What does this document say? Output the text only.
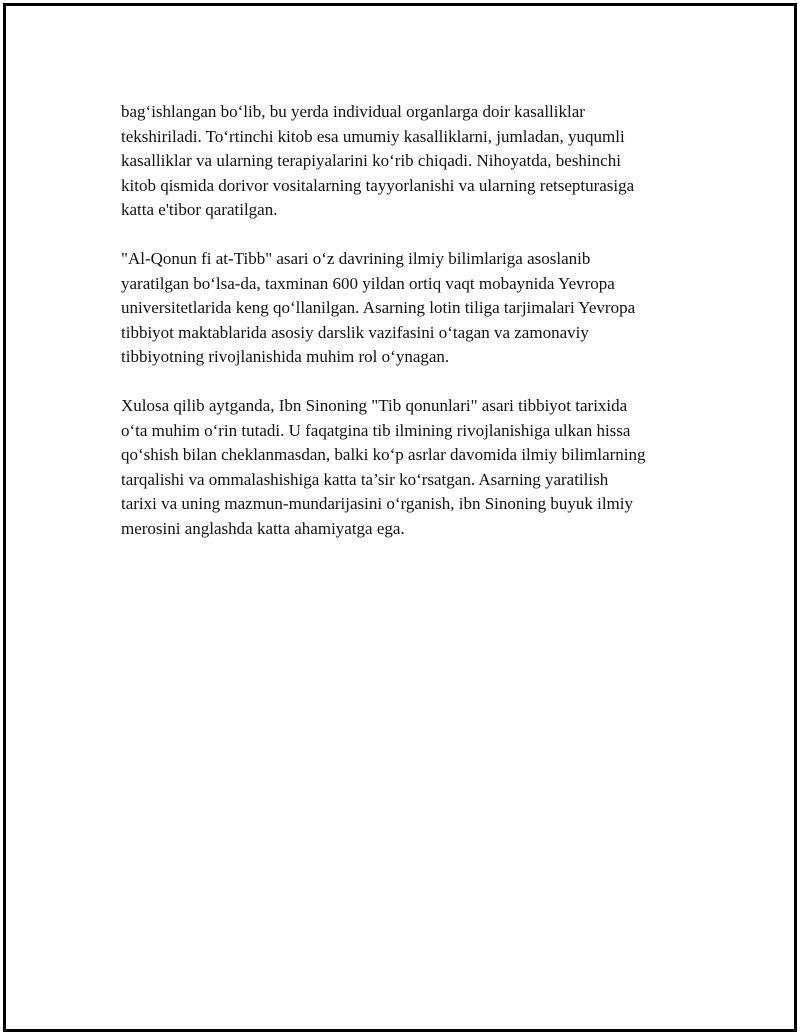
bag‘ishlangan bo‘lib, bu yerda individual organlarga doir kasalliklar
tekshiriladi. To‘rtinchi kitob esa umumiy kasalliklarni, jumladan, yuqumli
kasalliklar va ularning terapiyalarini ko‘rib chiqadi. Nihoyatda, beshinchi
kitob qismida dorivor vositalarning tayyorlanishi va ularning retsepturasiga
katta e'tibor qaratilgan.

"Al-Qonun fi at-Tibb" asari o‘z davrining ilmiy bilimlariga asoslanib
yaratilgan bo‘lsa-da, taxminan 600 yildan ortiq vaqt mobaynida Yevropa
universitetlarida keng qo‘llanilgan. Asarning lotin tiliga tarjimalari Yevropa
tibbiyot maktablarida asosiy darslik vazifasini o‘tagan va zamonaviy
tibbiyotning rivojlanishida muhim rol o‘ynagan.

Xulosa qilib aytganda, Ibn Sinoning "Tib qonunlari" asari tibbiyot tarixida
o‘ta muhim o‘rin tutadi. U faqatgina tib ilmining rivojlanishiga ulkan hissa
qo‘shish bilan cheklanmasdan, balki ko‘p asrlar davomida ilmiy bilimlarning
tarqalishi va ommalashishiga katta ta’sir ko‘rsatgan. Asarning yaratilish
tarixi va uning mazmun-mundarijasini o‘rganish, ibn Sinoning buyuk ilmiy
merosini anglashda katta ahamiyatga ega.
